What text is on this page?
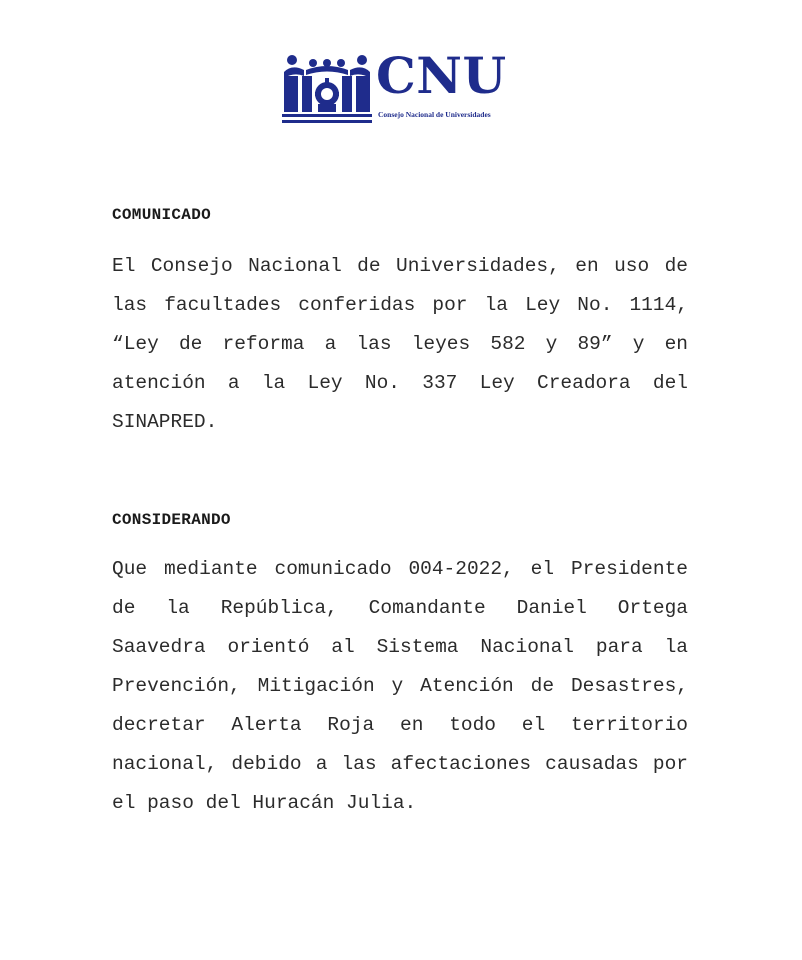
CNU
Consejo Nacional de Universidades
COMUNICADO

El Consejo Nacional de Universidades, en uso de las facultades conferidas por la Ley No. 1114, “Ley de reforma a las leyes 582 y 89” y en atención a la Ley No. 337 Ley Creadora del SINAPRED.

CONSIDERANDO

Que mediante comunicado 004-2022, el Presidente de la República, Comandante Daniel Ortega Saavedra orientó al Sistema Nacional para la Prevención, Mitigación y Atención de Desastres, decretar Alerta Roja en todo el territorio nacional, debido a las afectaciones causadas por el paso del Huracán Julia.
